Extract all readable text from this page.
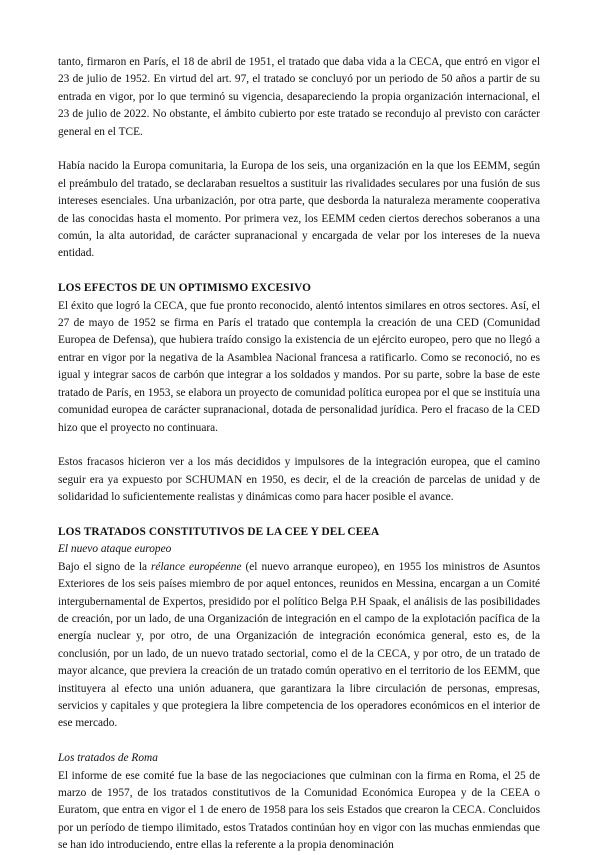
tanto, firmaron en París, el 18 de abril de 1951, el tratado que daba vida a la CECA, que entró en vigor el 23 de julio de 1952. En virtud del art. 97, el tratado se concluyó por un periodo de 50 años a partir de su entrada en vigor, por lo que terminó su vigencia, desapareciendo la propia organización internacional, el 23 de julio de 2022. No obstante, el ámbito cubierto por este tratado se recondujo al previsto con carácter general en el TCE.

Había nacido la Europa comunitaria, la Europa de los seis, una organización en la que los EEMM, según el preámbulo del tratado, se declaraban resueltos a sustituir las rivalidades seculares por una fusión de sus intereses esenciales. Una urbanización, por otra parte, que desborda la naturaleza meramente cooperativa de las conocidas hasta el momento. Por primera vez, los EEMM ceden ciertos derechos soberanos a una común, la alta autoridad, de carácter supranacional y encargada de velar por los intereses de la nueva entidad.

LOS EFECTOS DE UN OPTIMISMO EXCESIVO

El éxito que logró la CECA, que fue pronto reconocido, alentó intentos similares en otros sectores. Así, el 27 de mayo de 1952 se firma en París el tratado que contempla la creación de una CED (Comunidad Europea de Defensa), que hubiera traído consigo la existencia de un ejército europeo, pero que no llegó a entrar en vigor por la negativa de la Asamblea Nacional francesa a ratificarlo. Como se reconoció, no es igual y integrar sacos de carbón que integrar a los soldados y mandos. Por su parte, sobre la base de este tratado de París, en 1953, se elabora un proyecto de comunidad política europea por el que se instituía una comunidad europea de carácter supranacional, dotada de personalidad jurídica. Pero el fracaso de la CED hizo que el proyecto no continuara.

Estos fracasos hicieron ver a los más decididos y impulsores de la integración europea, que el camino seguir era ya expuesto por SCHUMAN en 1950, es decir, el de la creación de parcelas de unidad y de solidaridad lo suficientemente realistas y dinámicas como para hacer posible el avance.

LOS TRATADOS CONSTITUTIVOS DE LA CEE Y DEL CEEA

El nuevo ataque europeo

Bajo el signo de la rélance européenne (el nuevo arranque europeo), en 1955 los ministros de Asuntos Exteriores de los seis países miembro de por aquel entonces, reunidos en Messina, encargan a un Comité intergubernamental de Expertos, presidido por el político Belga P.H Spaak, el análisis de las posibilidades de creación, por un lado, de una Organización de integración en el campo de la explotación pacífica de la energía nuclear y, por otro, de una Organización de integración económica general, esto es, de la conclusión, por un lado, de un nuevo tratado sectorial, como el de la CECA, y por otro, de un tratado de mayor alcance, que previera la creación de un tratado común operativo en el territorio de los EEMM, que instituyera al efecto una unión aduanera, que garantizara la libre circulación de personas, empresas, servicios y capitales y que protegiera la libre competencia de los operadores económicos en el interior de ese mercado.

Los tratados de Roma

El informe de ese comité fue la base de las negociaciones que culminan con la firma en Roma, el 25 de marzo de 1957, de los tratados constitutivos de la Comunidad Económica Europea y de la CEEA o Euratom, que entra en vigor el 1 de enero de 1958 para los seis Estados que crearon la CECA. Concluidos por un período de tiempo ilimitado, estos Tratados continúan hoy en vigor con las muchas enmiendas que se han ido introduciendo, entre ellas la referente a la propia denominación
